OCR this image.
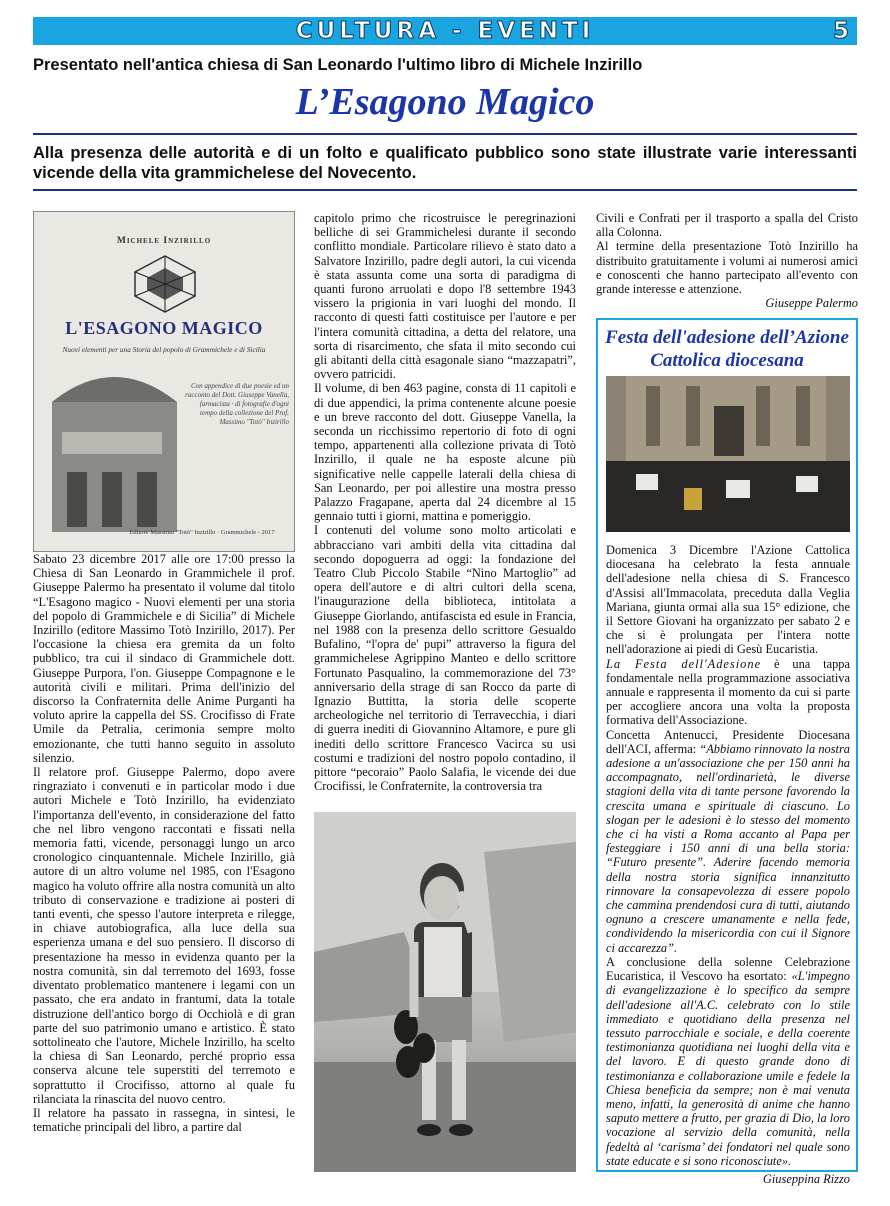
CULTURA - EVENTI	5
Presentato nell'antica chiesa di San Leonardo l'ultimo libro di Michele Inzirillo
L’Esagono Magico
Alla presenza delle autorità e di un folto e qualificato pubblico sono state illustrate varie interessanti vicende della vita grammichelese del Novecento.
Michele Inzirillo
L'ESAGONO MAGICO
Nuovi elementi per una Storia del popolo di Grammichele e di Sicilia
Con appendice di due poesie ed un racconto del Dott. Giuseppe Vanella, farmacista · di fotografie d'ogni tempo della collezione del Prof. Massimo "Totò" Inzirillo
Editore Massimo "Totò" Inzirillo · Grammichele - 2017

Sabato 23 dicembre 2017 alle ore 17:00 presso la Chiesa di San Leonardo in Grammichele il prof. Giuseppe Palermo ha presentato il volume dal titolo “L'Esagono magico - Nuovi elementi per una storia del popolo di Grammichele e di Sicilia” di Michele Inzirillo (editore Massimo Totò Inzirillo, 2017). Per l'occasione la chiesa era gremita da un folto pubblico, tra cui il sindaco di Grammichele dott. Giuseppe Purpora, l'on. Giuseppe Compagnone e le autorità civili e militari. Prima dell'inizio del discorso la Confraternita delle Anime Purganti ha voluto aprire la cappella del SS. Crocifisso di Frate Umile da Petralia, cerimonia sempre molto emozionante, che tutti hanno seguito in assoluto silenzio.

Il relatore prof. Giuseppe Palermo, dopo avere ringraziato i convenuti e in particolar modo i due autori Michele e Totò Inzirillo, ha evidenziato l'importanza dell'evento, in considerazione del fatto che nel libro vengono raccontati e fissati nella memoria fatti, vicende, personaggi lungo un arco cronologico cinquantennale. Michele Inzirillo, già autore di un altro volume nel 1985, con l'Esagono magico ha voluto offrire alla nostra comunità un alto tributo di conservazione e tradizione ai posteri di tanti eventi, che spesso l'autore interpreta e rilegge, in chiave autobiografica, alla luce della sua esperienza umana e del suo pensiero. Il discorso di presentazione ha messo in evidenza quanto per la nostra comunità, sin dal terremoto del 1693, fosse diventato problematico mantenere i legami con un passato, che era andato in frantumi, data la totale distruzione dell'antico borgo di Occhiolà e di gran parte del suo patrimonio umano e artistico. È stato sottolineato che l'autore, Michele Inzirillo, ha scelto la chiesa di San Leonardo, perché proprio essa conserva alcune tele superstiti del terremoto e soprattutto il Crocifisso, attorno al quale fu rilanciata la rinascita del nuovo centro.

Il relatore ha passato in rassegna, in sintesi, le tematiche principali del libro, a partire dal

capitolo primo che ricostruisce le peregrinazioni belliche di sei Grammichelesi durante il secondo conflitto mondiale. Particolare rilievo è stato dato a Salvatore Inzirillo, padre degli autori, la cui vicenda è stata assunta come una sorta di paradigma di quanti furono arruolati e dopo l'8 settembre 1943 vissero la prigionia in vari luoghi del mondo. Il racconto di questi fatti costituisce per l'autore e per l'intera comunità cittadina, a detta del relatore, una sorta di risarcimento, che sfata il mito secondo cui gli abitanti della città esagonale siano “mazzapatri”, ovvero patricidi.

Il volume, di ben 463 pagine, consta di 11 capitoli e di due appendici, la prima contenente alcune poesie e un breve racconto del dott. Giuseppe Vanella, la seconda un ricchissimo repertorio di foto di ogni tempo, appartenenti alla collezione privata di Totò Inzirillo, il quale ne ha esposte alcune più significative nelle cappelle laterali della chiesa di San Leonardo, per poi allestire una mostra presso Palazzo Fragapane, aperta dal 24 dicembre al 15 gennaio tutti i giorni, mattina e pomeriggio.

I contenuti del volume sono molto articolati e abbracciano vari ambiti della vita cittadina dal secondo dopoguerra ad oggi: la fondazione del Teatro Club Piccolo Stabile “Nino Martoglio” ad opera dell'autore e di altri cultori della scena, l'inaugurazione della biblioteca, intitolata a Giuseppe Giorlando, antifascista ed esule in Francia, nel 1988 con la presenza dello scrittore Gesualdo Bufalino, “l'opra de' pupi” attraverso la figura del grammichelese Agrippino Manteo e dello scrittore Fortunato Pasqualino, la commemorazione del 73° anniversario della strage di san Rocco da parte di Ignazio Buttitta, la storia delle scoperte archeologiche nel territorio di Terravecchia, i diari di guerra inediti di Giovannino Altamore, e pure gli inediti dello scrittore Francesco Vacirca su usi costumi e tradizioni del nostro popolo contadino, il pittore “pecoraio” Paolo Salafia, le vicende dei due Crocifissi, le Confraternite, la controversia tra

Civili e Confrati per il trasporto a spalla del Cristo alla Colonna.

Al termine della presentazione Totò Inzirillo ha distribuito gratuitamente i volumi ai numerosi amici e conoscenti che hanno partecipato all'evento con grande interesse e attenzione.

Giuseppe Palermo

Festa dell'adesione dell’Azione Cattolica diocesana

Domenica 3 Dicembre l'Azione Cattolica diocesana ha celebrato la festa annuale dell'adesione nella chiesa di S. Francesco d'Assisi all'Immacolata, preceduta dalla Veglia Mariana, giunta ormai alla sua 15° edizione, che il Settore Giovani ha organizzato per sabato 2 e che si è prolungata per l'intera notte nell'adorazione ai piedi di Gesù Eucaristia.

La Festa dell'Adesione è una tappa fondamentale nella programmazione associativa annuale e rappresenta il momento da cui si parte per accogliere ancora una volta la proposta formativa dell'Associazione.

Concetta Antenucci, Presidente Diocesana dell'ACI, afferma: “Abbiamo rinnovato la nostra adesione a un'associazione che per 150 anni ha accompagnato, nell'ordinarietà, le diverse stagioni della vita di tante persone favorendo la crescita umana e spirituale di ciascuno. Lo slogan per le adesioni è lo stesso del momento che ci ha visti a Roma accanto al Papa per festeggiare i 150 anni di una bella storia: “Futuro presente”. Aderire facendo memoria della nostra storia significa innanzitutto rinnovare la consapevolezza di essere popolo che cammina prendendosi cura di tutti, aiutando ognuno a crescere umanamente e nella fede, condividendo la misericordia con cui il Signore ci accarezza”.

A conclusione della solenne Celebrazione Eucaristica, il Vescovo ha esortato: «L'impegno di evangelizzazione è lo specifico da sempre dell'adesione all'A.C. celebrato con lo stile immediato e quotidiano della presenza nel tessuto parrocchiale e sociale, e della coerente testimonianza quotidiana nei luoghi della vita e del lavoro. E di questo grande dono di testimonianza e collaborazione umile e fedele la Chiesa beneficia da sempre; non è mai venuta meno, infatti, la generosità di anime che hanno saputo mettere a frutto, per grazia di Dio, la loro vocazione al servizio della comunità, nella fedeltà al ‘carisma’ dei fondatori nel quale sono state educate e si sono riconosciute».

Giuseppina Rizzo
